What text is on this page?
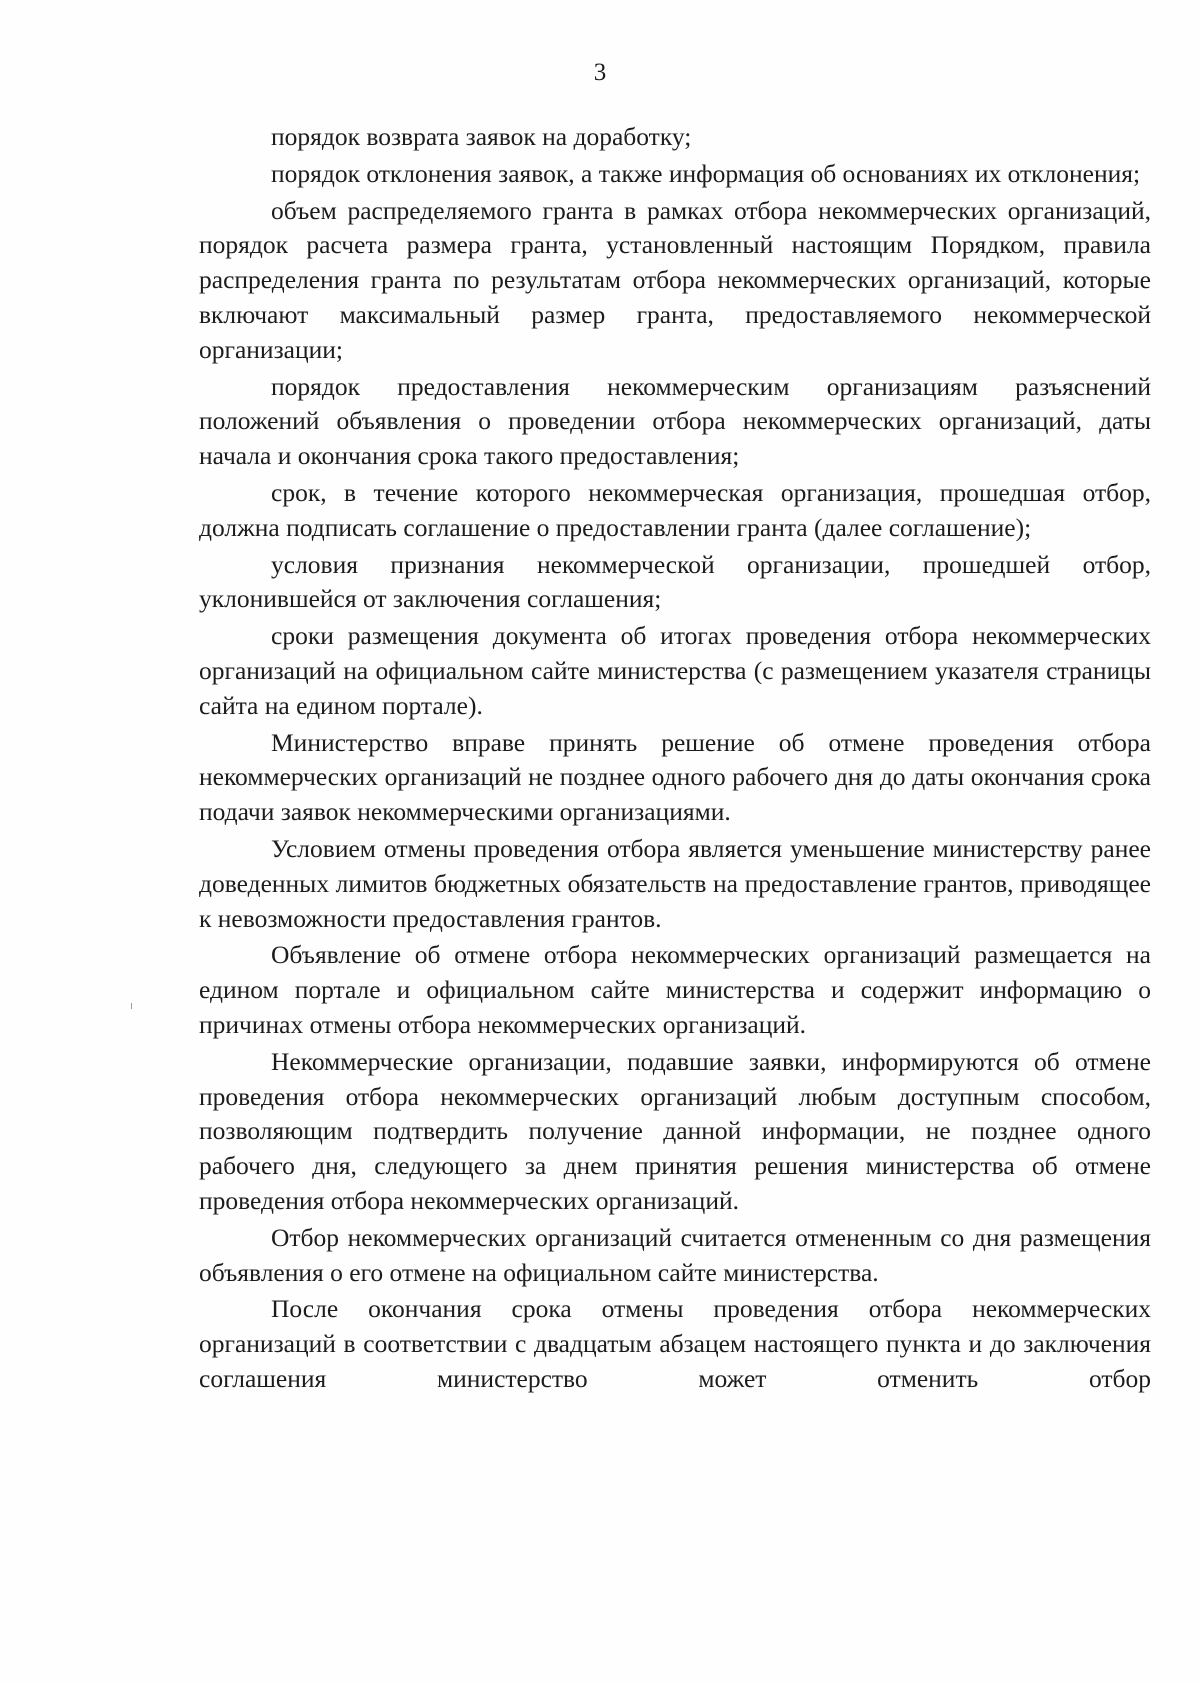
3

порядок возврата заявок на доработку;

порядок отклонения заявок, а также информация об основаниях их отклонения;

объем распределяемого гранта в рамках отбора некоммерческих организаций, порядок расчета размера гранта, установленный настоящим Порядком, правила распределения гранта по результатам отбора некоммерческих организаций, которые включают максимальный размер гранта, предоставляемого некоммерческой организации;

порядок предоставления некоммерческим организациям разъяснений положений объявления о проведении отбора некоммерческих организаций, даты начала и окончания срока такого предоставления;

срок, в течение которого некоммерческая организация, прошедшая отбор, должна подписать соглашение о предоставлении гранта (далее соглашение);

условия признания некоммерческой организации, прошедшей отбор, уклонившейся от заключения соглашения;

сроки размещения документа об итогах проведения отбора некоммерческих организаций на официальном сайте министерства (с размещением указателя страницы сайта на едином портале).

Министерство вправе принять решение об отмене проведения отбора некоммерческих организаций не позднее одного рабочего дня до даты окончания срока подачи заявок некоммерческими организациями.

Условием отмены проведения отбора является уменьшение министерству ранее доведенных лимитов бюджетных обязательств на предоставление грантов, приводящее к невозможности предоставления грантов.

Объявление об отмене отбора некоммерческих организаций размещается на едином портале и официальном сайте министерства и содержит информацию о причинах отмены отбора некоммерческих организаций.

Некоммерческие организации, подавшие заявки, информируются об отмене проведения отбора некоммерческих организаций любым доступным способом, позволяющим подтвердить получение данной информации, не позднее одного рабочего дня, следующего за днем принятия решения министерства об отмене проведения отбора некоммерческих организаций.

Отбор некоммерческих организаций считается отмененным со дня размещения объявления о его отмене на официальном сайте министерства.

После окончания срока отмены проведения отбора некоммерческих организаций в соответствии с двадцатым абзацем настоящего пункта и до заключения соглашения министерство может отменить отбор
